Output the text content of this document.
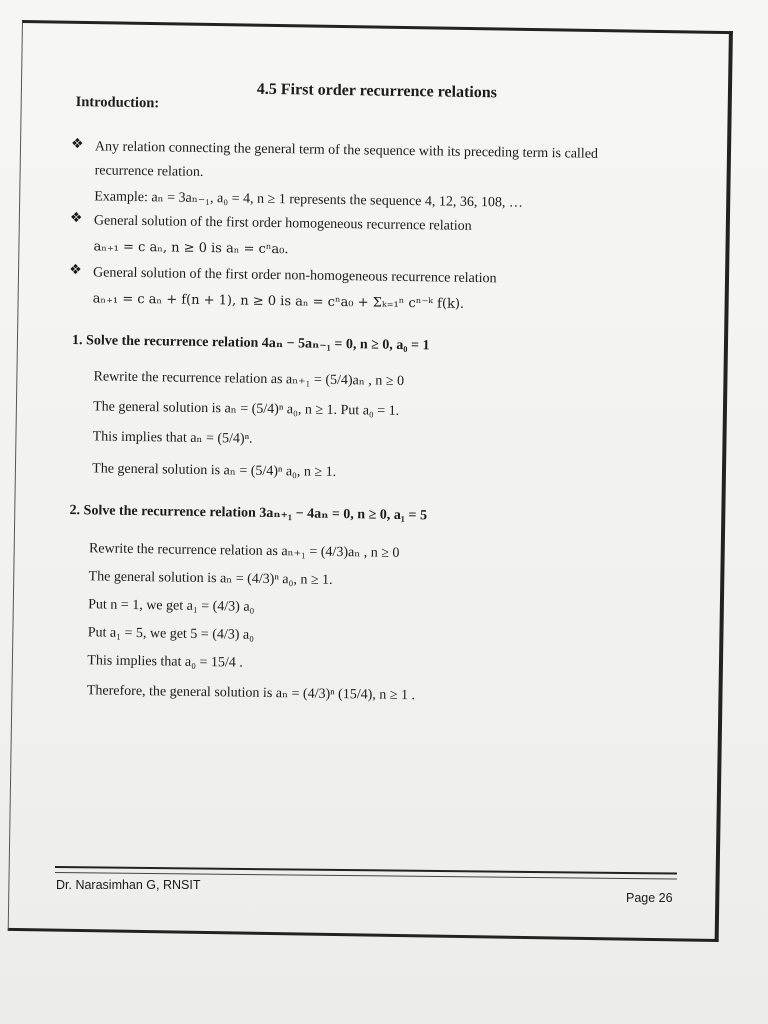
4.5 First order recurrence relations
Introduction:
❖ Any relation connecting the general term of the sequence with its preceding term is called
recurrence relation.
Example: aₙ = 3aₙ₋₁, a₀ = 4, n ≥ 1 represents the sequence 4, 12, 36, 108, …
❖ General solution of the first order homogeneous recurrence relation
aₙ₊₁ = c aₙ, n ≥ 0 is aₙ = cⁿa₀.
❖ General solution of the first order non-homogeneous recurrence relation
aₙ₊₁ = c aₙ + f(n + 1), n ≥ 0 is aₙ = cⁿa₀ + Σₖ₌₁ⁿ cⁿ⁻ᵏ f(k).
1. Solve the recurrence relation 4aₙ − 5aₙ₋₁ = 0, n ≥ 0, a₀ = 1
Rewrite the recurrence relation as aₙ₊₁ = (5/4)aₙ , n ≥ 0
The general solution is aₙ = (5/4)ⁿ a₀, n ≥ 1. Put a₀ = 1.
This implies that aₙ = (5/4)ⁿ.
The general solution is aₙ = (5/4)ⁿ a₀, n ≥ 1.
2. Solve the recurrence relation 3aₙ₊₁ − 4aₙ = 0, n ≥ 0, a₁ = 5
Rewrite the recurrence relation as aₙ₊₁ = (4/3)aₙ , n ≥ 0
The general solution is aₙ = (4/3)ⁿ a₀, n ≥ 1.
Put n = 1, we get a₁ = (4/3) a₀
Put a₁ = 5, we get 5 = (4/3) a₀
This implies that a₀ = 15/4 .
Therefore, the general solution is aₙ = (4/3)ⁿ (15/4), n ≥ 1 .
Dr. Narasimhan G, RNSIT
Page 26
